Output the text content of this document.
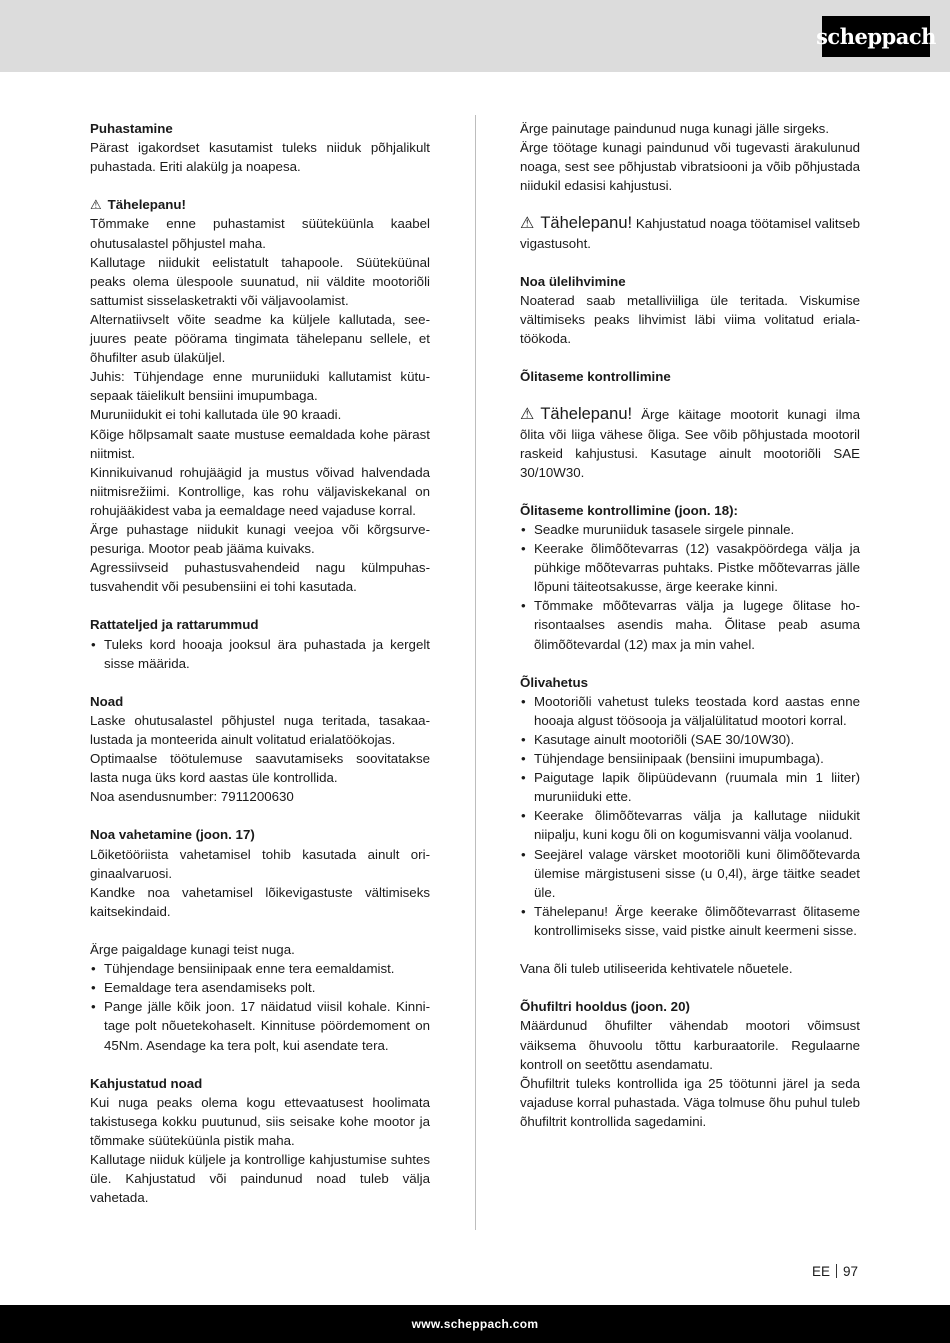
scheppach

Puhastamine

Pärast igakordset kasutamist tuleks niiduk põhjalikult puhastada. Eriti alakülg ja noapesa.

⚠ Tähelepanu!

Tõmmake enne puhastamist süüteküünla kaabel ohutusalastel põhjustel maha.

Kallutage niidukit eelistatult tahapoole. Süüteküünal peaks olema ülespoole suunatud, nii väldite mootoriõli sattumist sisselasketrakti või väljavoolamist.

Alternatiivselt võite seadme ka küljele kallutada, seejuures peate pöörama tingimata tähelepanu sellele, et õhufilter asub ülaküljel.

Juhis: Tühjendage enne muruniiduki kallutamist kütusepaak täielikult bensiini imupumbaga.

Muruniidukit ei tohi kallutada üle 90 kraadi.

Kõige hõlpsamalt saate mustuse eemaldada kohe pärast niitmist.

Kinnikuivanud rohujäägid ja mustus võivad halvendada niitmisrežiimi. Kontrollige, kas rohu väljaviskekanal on rohujääkidest vaba ja eemaldage need vajaduse korral.

Ärge puhastage niidukit kunagi veejoa või kõrgsurvepesuriga. Mootor peab jääma kuivaks.

Agressiivseid puhastusvahendeid nagu külmpuhastusvahendit või pesubensiini ei tohi kasutada.

Rattateljed ja rattarummud

• Tuleks kord hooaja jooksul ära puhastada ja kergelt sisse määrida.

Noad

Laske ohutusalastel põhjustel nuga teritada, tasakaalustada ja monteerida ainult volitatud erialatöökojas.

Optimaalse töötulemuse saavutamiseks soovitatakse lasta nuga üks kord aastas üle kontrollida.

Noa asendusnumber: 7911200630

Noa vahetamine (joon. 17)

Lõiketööriista vahetamisel tohib kasutada ainult originaalvaruosi.

Kandke noa vahetamisel lõikevigastuste vältimiseks kaitsekindaid.

Ärge paigaldage kunagi teist nuga.

• Tühjendage bensiinipaak enne tera eemaldamist.
• Eemaldage tera asendamiseks polt.
• Pange jälle kõik joon. 17 näidatud viisil kohale. Kinnitage polt nõuetekohaselt. Kinnituse pöördemoment on 45Nm. Asendage ka tera polt, kui asendate tera.

Kahjustatud noad

Kui nuga peaks olema kogu ettevaatusest hoolimata takistusega kokku puutunud, siis seisake kohe mootor ja tõmmake süüteküünla pistik maha.

Kallutage niiduk küljele ja kontrollige kahjustumise suhtes üle. Kahjustatud või paindunud noad tuleb välja vahetada.

Ärge painutage paindunud nuga kunagi jälle sirgeks.

Ärge töötage kunagi paindunud või tugevasti ärakulunud noaga, sest see põhjustab vibratsiooni ja võib põhjustada niidukil edasisi kahjustusi.

⚠ Tähelepanu! Kahjustatud noaga töötamisel valitseb vigastusoht.

Noa ülelihvimine

Noaterad saab metalliviiliga üle teritada. Viskumise vältimiseks peaks lihvimist läbi viima volitatud erialatöökoda.

Õlitaseme kontrollimine

⚠ Tähelepanu! Ärge käitage mootorit kunagi ilma õlita või liiga vähese õliga. See võib põhjustada mootoril raskeid kahjustusi. Kasutage ainult mootoriõli SAE 30/10W30.

Õlitaseme kontrollimine (joon. 18):

• Seadke muruniiduk tasasele sirgele pinnale.
• Keerake õlimõõtevarras (12) vasakpöördega välja ja pühkige mõõtevarras puhtaks. Pistke mõõtevarras jälle lõpuni täiteotsakusse, ärge keerake kinni.
• Tõmmake mõõtevarras välja ja lugege õlitase horisontaalses asendis maha. Õlitase peab asuma õlimõõtevardal (12) max ja min vahel.

Õlivahetus

• Mootoriõli vahetust tuleks teostada kord aastas enne hooaja algust töösooja ja väljalülitatud mootori korral.
• Kasutage ainult mootoriõli (SAE 30/10W30).
• Tühjendage bensiinipaak (bensiini imupumbaga).
• Paigutage lapik õlipüüdevann (ruumala min 1 liiter) muruniiduki ette.
• Keerake õlimõõtevarras välja ja kallutage niidukit niipalju, kuni kogu õli on kogumisvanni välja voolanud.
• Seejärel valage värsket mootoriõli kuni õlimõõtevarda ülemise märgistuseni sisse (u 0,4l), ärge täitke seadet üle.
• Tähelepanu! Ärge keerake õlimõõtevarrast õlitaseme kontrollimiseks sisse, vaid pistke ainult keermeni sisse.

Vana õli tuleb utiliseerida kehtivatele nõuetele.

Õhufiltri hooldus (joon. 20)

Määrdunud õhufilter vähendab mootori võimsust väiksema õhuvoolu tõttu karburaatorile. Regulaarne kontroll on seetõttu asendamatu.

Õhufiltrit tuleks kontrollida iga 25 töötunni järel ja seda vajaduse korral puhastada. Väga tolmuse õhu puhul tuleb õhufiltrit kontrollida sagedamini.

EE 97
www.scheppach.com
